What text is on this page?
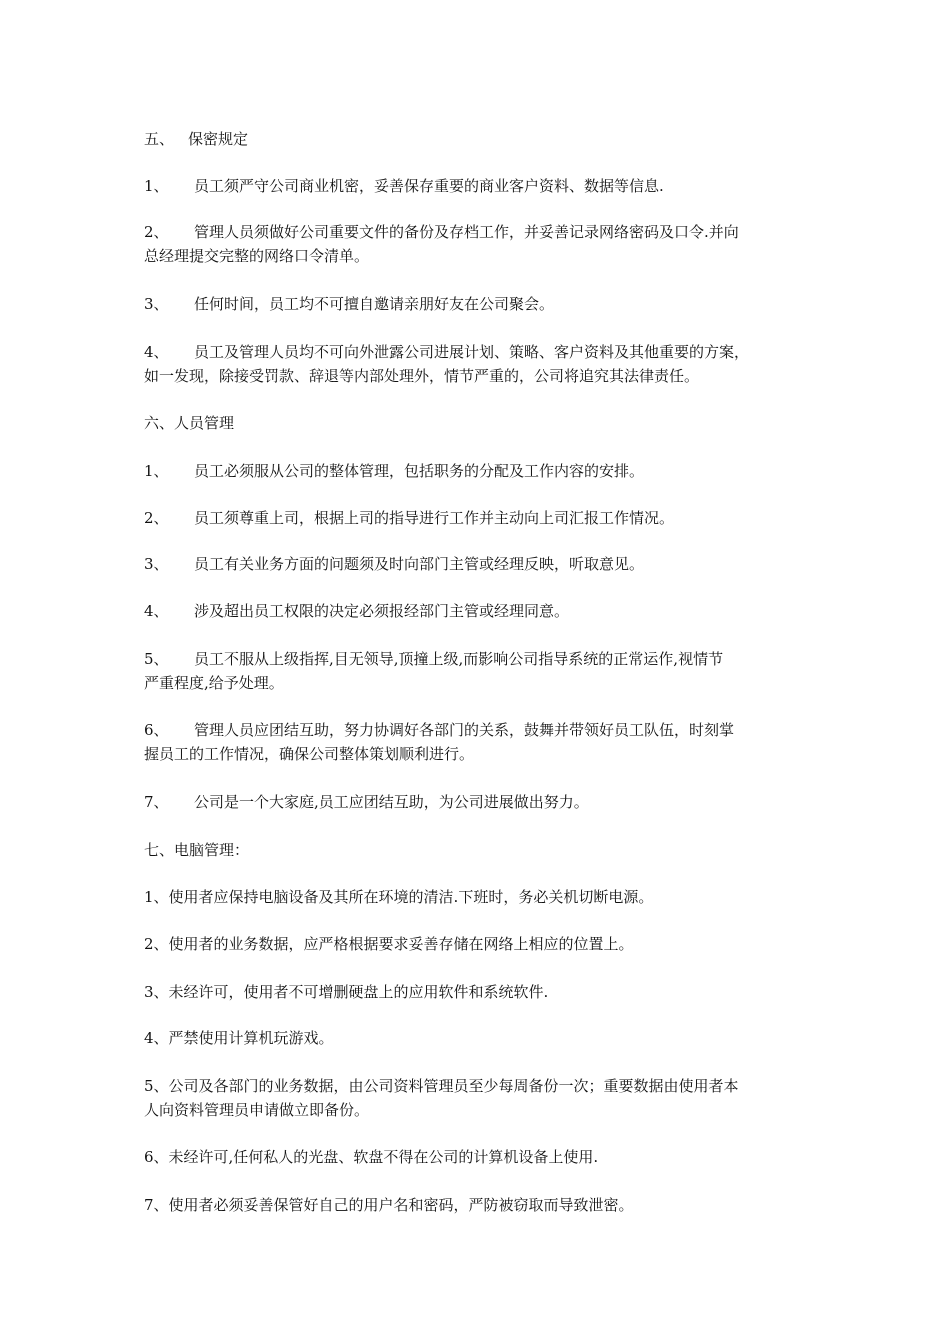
五、 保密规定

1、 员工须严守公司商业机密，妥善保存重要的商业客户资料、数据等信息.

2、 管理人员须做好公司重要文件的备份及存档工作，并妥善记录网络密码及口令.并向
总经理提交完整的网络口令清单。

3、 任何时间，员工均不可擅自邀请亲朋好友在公司聚会。

4、 员工及管理人员均不可向外泄露公司进展计划、策略、客户资料及其他重要的方案，
如一发现，除接受罚款、辞退等内部处理外，情节严重的，公司将追究其法律责任。

六、人员管理

1、 员工必须服从公司的整体管理，包括职务的分配及工作内容的安排。

2、 员工须尊重上司，根据上司的指导进行工作并主动向上司汇报工作情况。

3、 员工有关业务方面的问题须及时向部门主管或经理反映，听取意见。

4、 涉及超出员工权限的决定必须报经部门主管或经理同意。

5、 员工不服从上级指挥,目无领导,顶撞上级,而影响公司指导系统的正常运作,视情节
严重程度,给予处理。

6、 管理人员应团结互助，努力协调好各部门的关系，鼓舞并带领好员工队伍，时刻掌
握员工的工作情况，确保公司整体策划顺利进行。

7、 公司是一个大家庭,员工应团结互助，为公司进展做出努力。

七、电脑管理：

1、使用者应保持电脑设备及其所在环境的清洁.下班时，务必关机切断电源。

2、使用者的业务数据，应严格根据要求妥善存储在网络上相应的位置上。

3、未经许可，使用者不可增删硬盘上的应用软件和系统软件.

4、严禁使用计算机玩游戏。

5、公司及各部门的业务数据，由公司资料管理员至少每周备份一次；重要数据由使用者本
人向资料管理员申请做立即备份。

6、未经许可,任何私人的光盘、软盘不得在公司的计算机设备上使用.

7、使用者必须妥善保管好自己的用户名和密码，严防被窃取而导致泄密。
